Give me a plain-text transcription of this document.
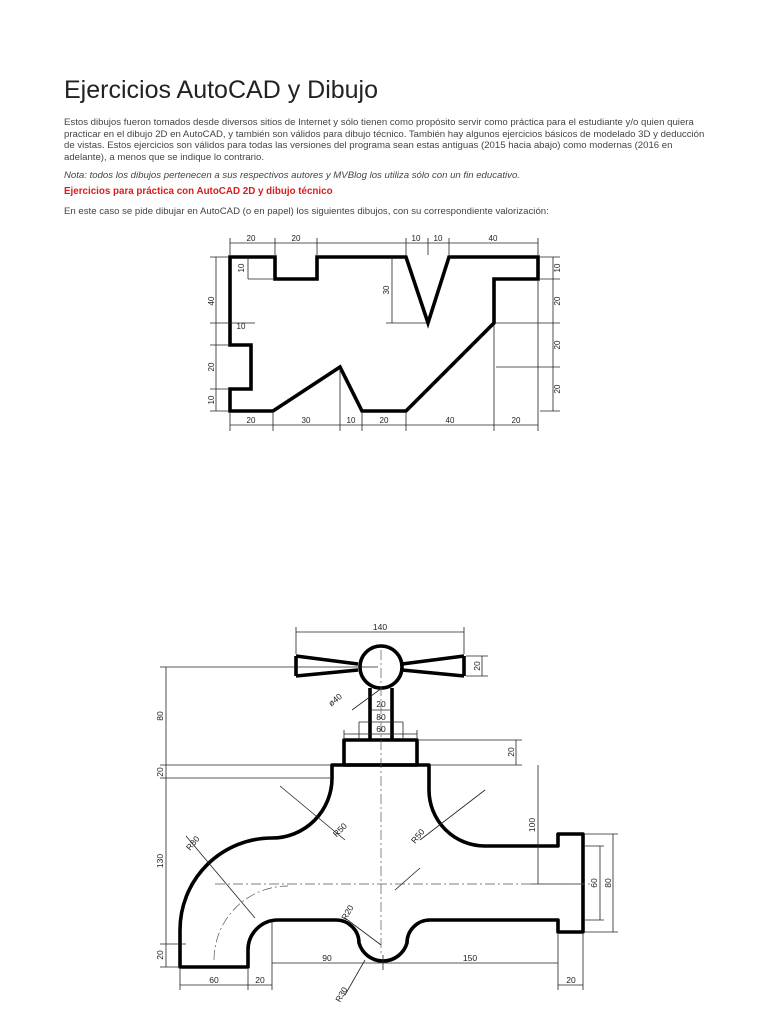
Ejercicios AutoCAD y Dibujo

Estos dibujos fueron tomados desde diversos sitios de Internet y sólo tienen como propósito servir como práctica para el estudiante y/o quien quiera practicar en el dibujo 2D en AutoCAD, y también son válidos para dibujo técnico. También hay algunos ejercicios básicos de modelado 3D y deducción de vistas. Estos ejercicios son válidos para todas las versiones del programa sean estas antiguas (2015 hacia abajo) como modernas (2016 en adelante), a menos que se indique lo contrario.

Nota: todos los dibujos pertenecen a sus respectivos autores y MVBlog los utiliza sólo con un fin educativo.

Ejercicios para práctica con AutoCAD 2D y dibujo técnico

En este caso se pide dibujar en AutoCAD (o en papel) los siguientes dibujos, con su correspondiente valorización:

20	20	10 10	40
20	30	10	20	40	20
10
40
10
20
10
10
20
20
20
30
140
20
ø40	20
80
60
20
80
20
130
20
R50
R80	R50
100
60 80
R20
90	150
60	20	20
R30
